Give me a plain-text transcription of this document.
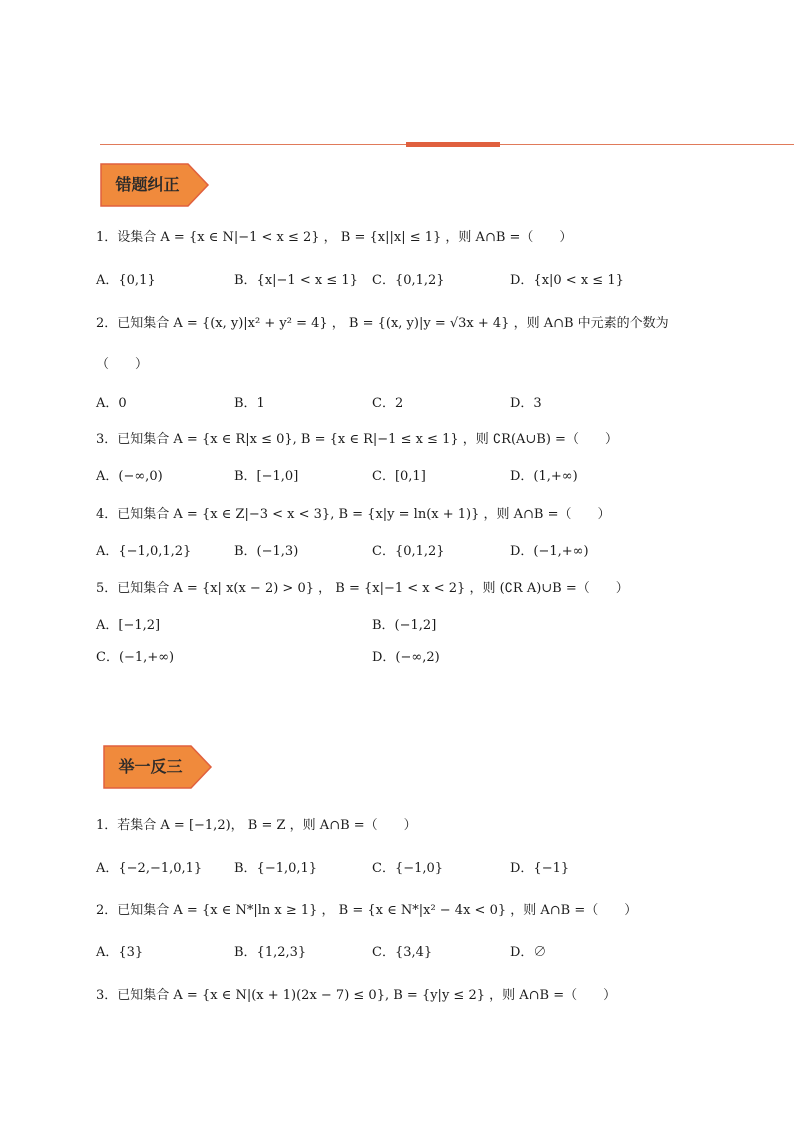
错题纠正
1．设集合 A = {x ∈ N|−1 < x ≤ 2} ， B = {x||x| ≤ 1} ，则 A∩B =（　　）
A．{0,1}	B．{x|−1 < x ≤ 1} C．{0,1,2}	D．{x|0 < x ≤ 1}
2．已知集合 A = {(x, y)|x² + y² = 4} ， B = {(x, y)|y = √3x + 4} ，则 A∩B 中元素的个数为
（　　）
A．0	B．1	C．2	D．3
3．已知集合 A = {x ∈ R|x ≤ 0}, B = {x ∈ R|−1 ≤ x ≤ 1} ，则 ∁R(A∪B) =（　　）
A．(−∞,0)	B．[−1,0]	C．[0,1]	D．(1,+∞)
4．已知集合 A = {x ∈ Z|−3 < x < 3}, B = {x|y = ln(x + 1)} ，则 A∩B =（　　）
A．{−1,0,1,2}	B．(−1,3)	C．{0,1,2}	D．(−1,+∞)
5．已知集合 A = {x| x(x − 2) > 0} ， B = {x|−1 < x < 2} ，则 (∁R A)∪B =（　　）
A．[−1,2]	B．(−1,2]
C．(−1,+∞)	D．(−∞,2)
举一反三
1．若集合 A = [−1,2)， B = Z ，则 A∩B =（　　）
A．{−2,−1,0,1} B．{−1,0,1}	C．{−1,0}	D．{−1}
2．已知集合 A = {x ∈ N*|ln x ≥ 1} ， B = {x ∈ N*|x² − 4x < 0} ，则 A∩B =（　　）
A．{3}	B．{1,2,3}	C．{3,4}	D．∅
3．已知集合 A = {x ∈ N|(x + 1)(2x − 7) ≤ 0}, B = {y|y ≤ 2} ，则 A∩B =（　　）
